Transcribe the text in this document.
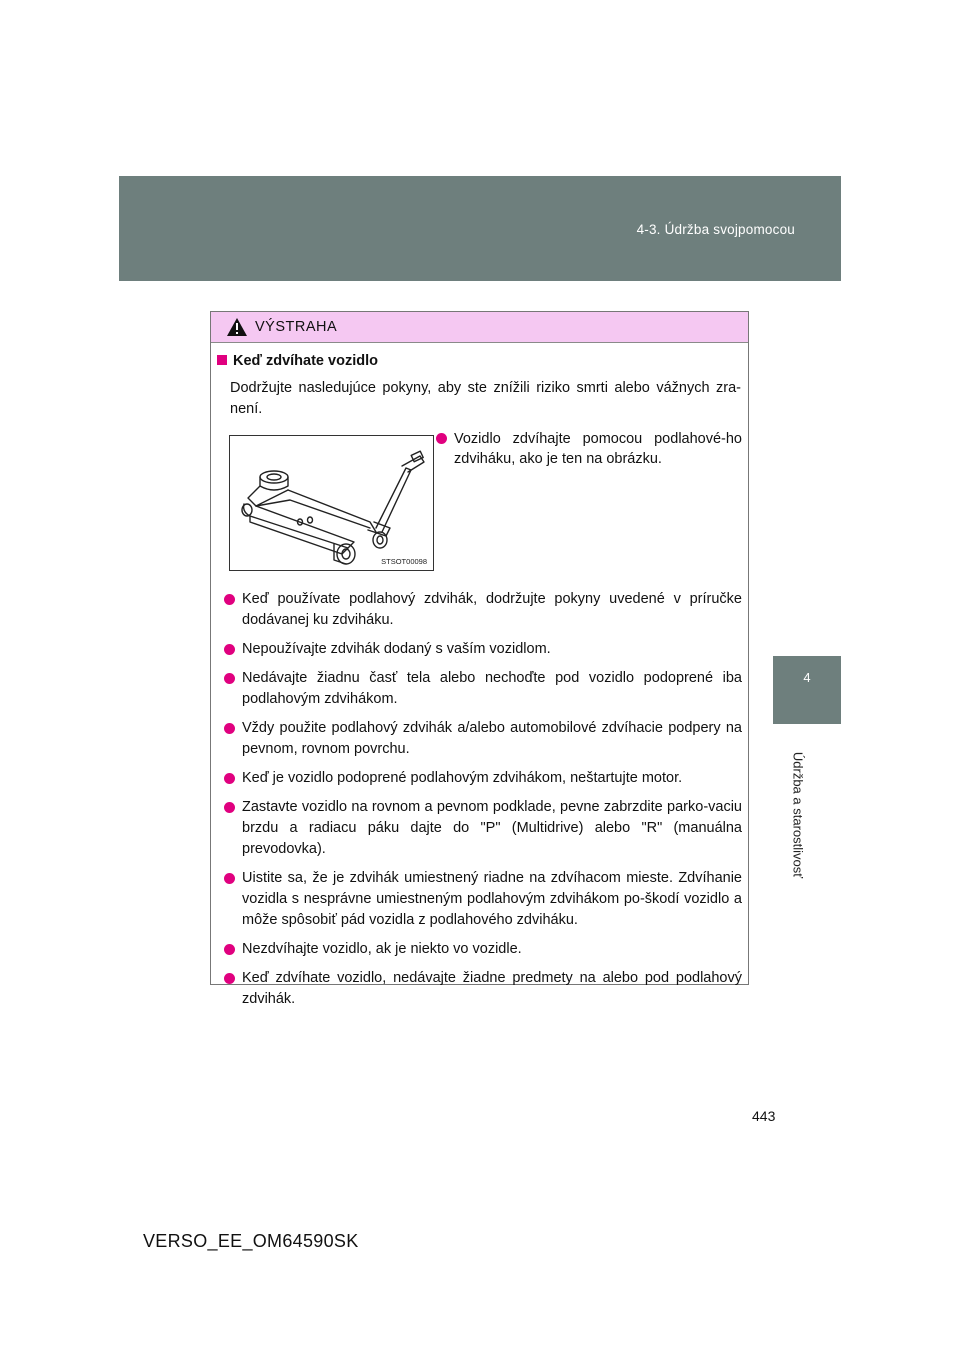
4-3. Údržba svojpomocou
4
Údržba a starostlivosť
VÝSTRAHA
Keď zdvíhate vozidlo
Dodržujte nasledujúce pokyny, aby ste znížili riziko smrti alebo vážnych zra-není.
STSOT00098
Vozidlo zdvíhajte pomocou podlahové-ho zdviháku, ako je ten na obrázku.
Keď používate podlahový zdvihák, dodržujte pokyny uvedené v príručke dodávanej ku zdviháku.
Nepoužívajte zdvihák dodaný s vaším vozidlom.
Nedávajte žiadnu časť tela alebo nechoďte pod vozidlo podoprené iba podlahovým zdvihákom.
Vždy použite podlahový zdvihák a/alebo automobilové zdvíhacie podpery na pevnom, rovnom povrchu.
Keď je vozidlo podoprené podlahovým zdvihákom, neštartujte motor.
Zastavte vozidlo na rovnom a pevnom podklade, pevne zabrzdite parko-vaciu brzdu a radiacu páku dajte do "P" (Multidrive) alebo "R" (manuálna prevodovka).
Uistite sa, že je zdvihák umiestnený riadne na zdvíhacom mieste. Zdvíhanie vozidla s nesprávne umiestneným podlahovým zdvihákom po-škodí vozidlo a môže spôsobiť pád vozidla z podlahového zdviháku.
Nezdvíhajte vozidlo, ak je niekto vo vozidle.
Keď zdvíhate vozidlo, nedávajte žiadne predmety na alebo pod podlahový zdvihák.
443
VERSO_EE_OM64590SK
